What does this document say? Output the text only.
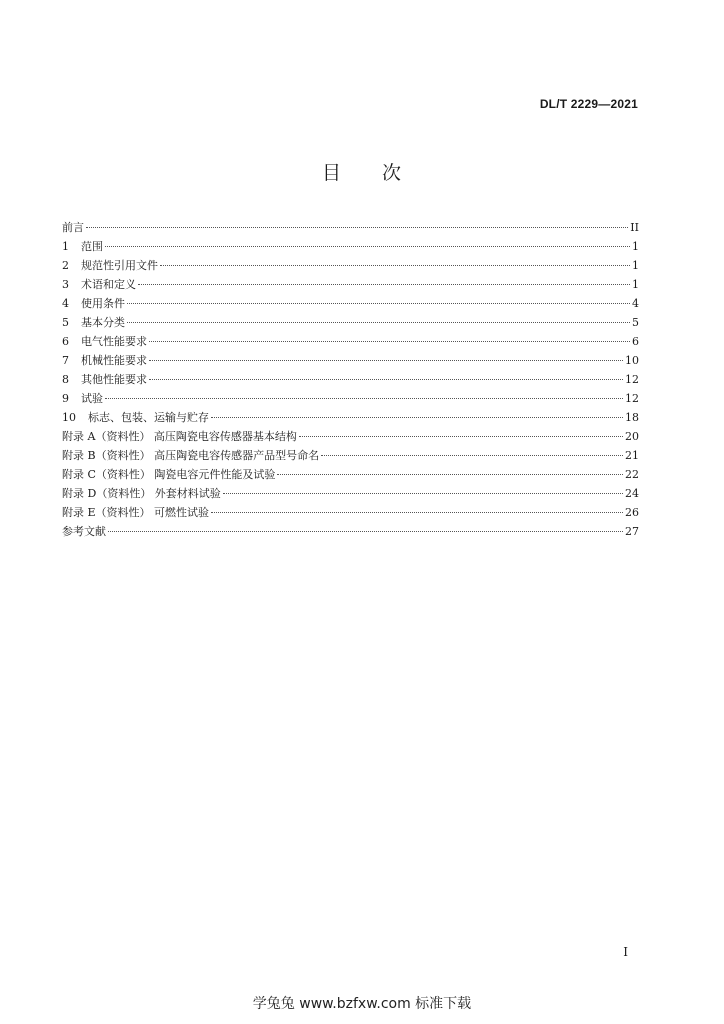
DL/T 2229—2021
目 次
前言	II
1	范围	1
2	规范性引用文件	1
3	术语和定义	1
4	使用条件	4
5	基本分类	5
6	电气性能要求	6
7	机械性能要求	10
8	其他性能要求	12
9	试验	12
10	标志、包装、运输与贮存	18
附录 A（资料性） 高压陶瓷电容传感器基本结构	20
附录 B（资料性） 高压陶瓷电容传感器产品型号命名	21
附录 C（资料性） 陶瓷电容元件性能及试验	22
附录 D（资料性） 外套材料试验	24
附录 E（资料性） 可燃性试验	26
参考文献	27
I
学兔兔 www.bzfxw.com 标准下载
